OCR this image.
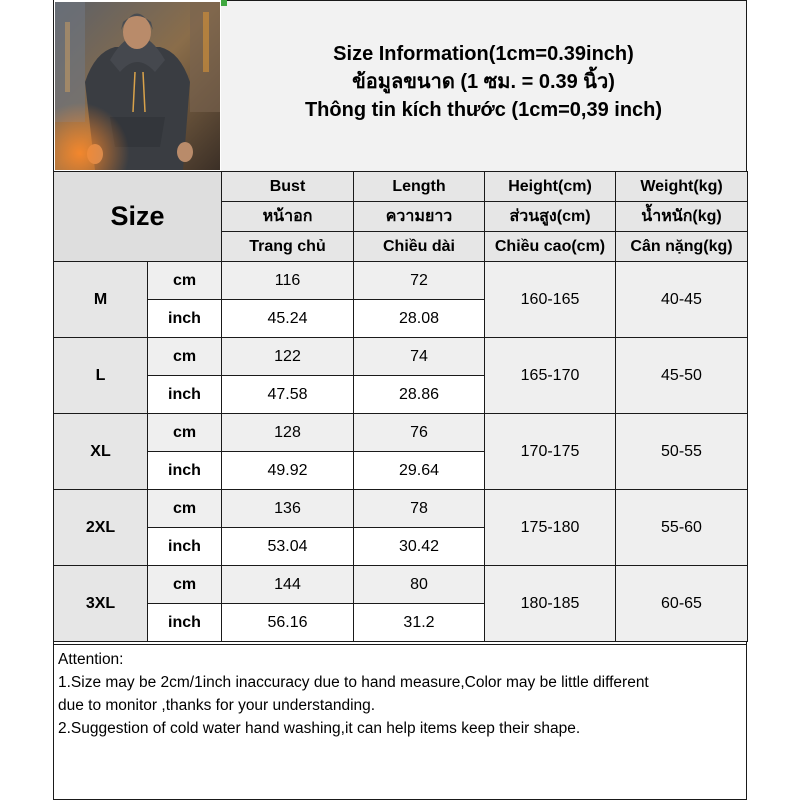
Size Information(1cm=0.39inch)
ข้อมูลขนาด (1 ซม. = 0.39 นิ้ว)
Thông tin kích thước (1cm=0,39 inch)
Size		Bust	Length	Height(cm)	Weight(kg)
		หน้าอก	ความยาว	ส่วนสูง(cm)	น้ำหนัก(kg)
		Trang chủ	Chiều dài	Chiều cao(cm)	Cân nặng(kg)
M	cm	116	72	160-165	40-45
	inch	45.24	28.08		
L	cm	122	74	165-170	45-50
	inch	47.58	28.86		
XL	cm	128	76	170-175	50-55
	inch	49.92	29.64		
2XL	cm	136	78	175-180	55-60
	inch	53.04	30.42		
3XL	cm	144	80	180-185	60-65
	inch	56.16	31.2		
Attention:
1.Size may be 2cm/1inch inaccuracy due to hand measure,Color may be little different
due to monitor ,thanks for your understanding.
2.Suggestion of cold water hand washing,it can help items keep their shape.
